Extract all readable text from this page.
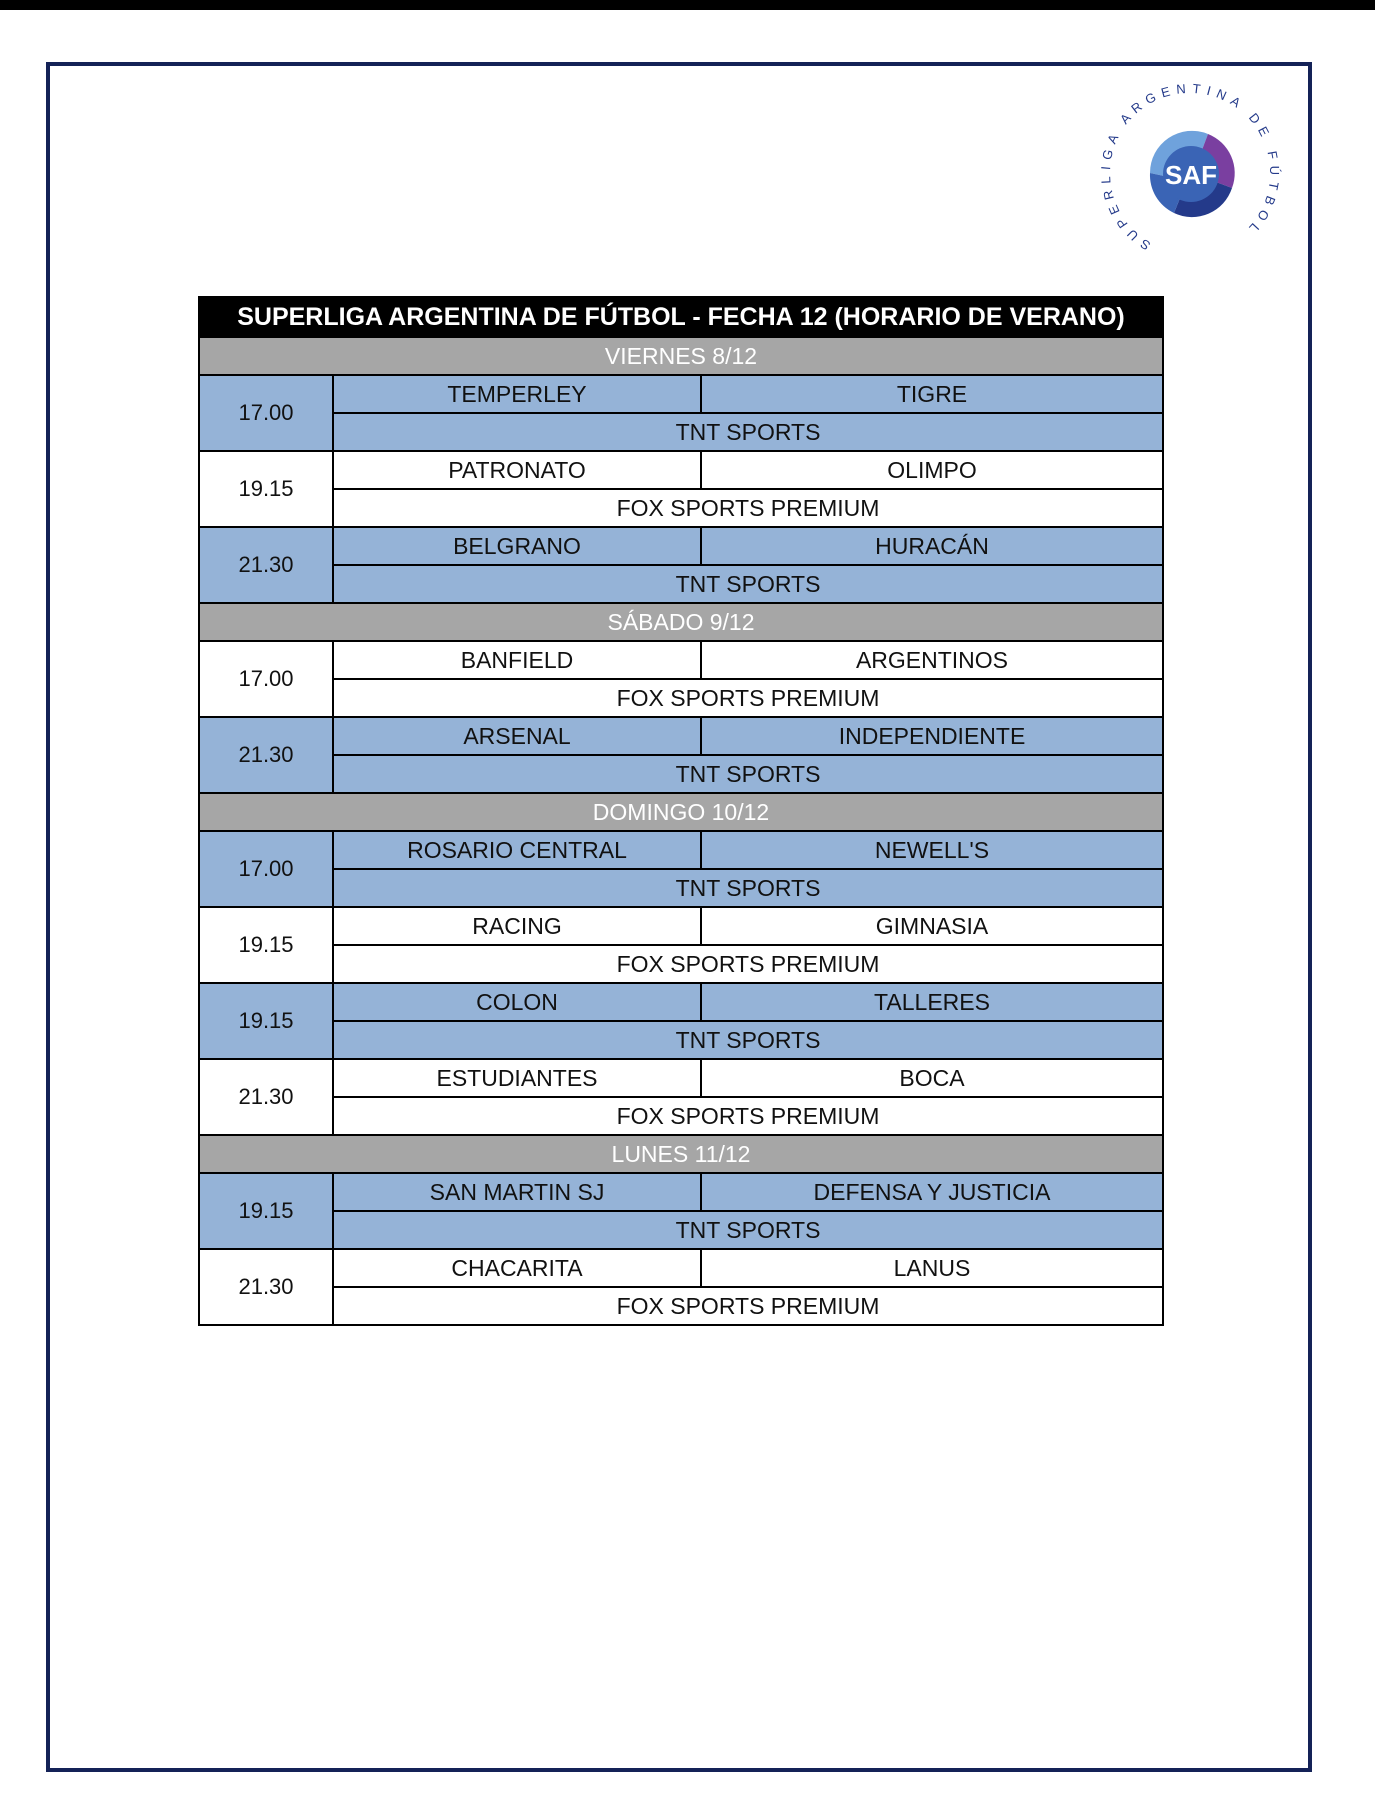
SAF
SUPERLIGA ARGENTINA DE FÚTBOL
SUPERLIGA ARGENTINA DE FÚTBOL - FECHA 12 (HORARIO DE VERANO)		
VIERNES 8/12		
17.00	TEMPERLEY	TIGRE
	TNT SPORTS	
19.15	PATRONATO	OLIMPO
	FOX SPORTS PREMIUM	
21.30	BELGRANO	HURACÁN
	TNT SPORTS	
SÁBADO 9/12		
17.00	BANFIELD	ARGENTINOS
	FOX SPORTS PREMIUM	
21.30	ARSENAL	INDEPENDIENTE
	TNT SPORTS	
DOMINGO 10/12		
17.00	ROSARIO CENTRAL	NEWELL'S
	TNT SPORTS	
19.15	RACING	GIMNASIA
	FOX SPORTS PREMIUM	
19.15	COLON	TALLERES
	TNT SPORTS	
21.30	ESTUDIANTES	BOCA
	FOX SPORTS PREMIUM	
LUNES 11/12		
19.15	SAN MARTIN SJ	DEFENSA Y JUSTICIA
	TNT SPORTS	
21.30	CHACARITA	LANUS
	FOX SPORTS PREMIUM	
